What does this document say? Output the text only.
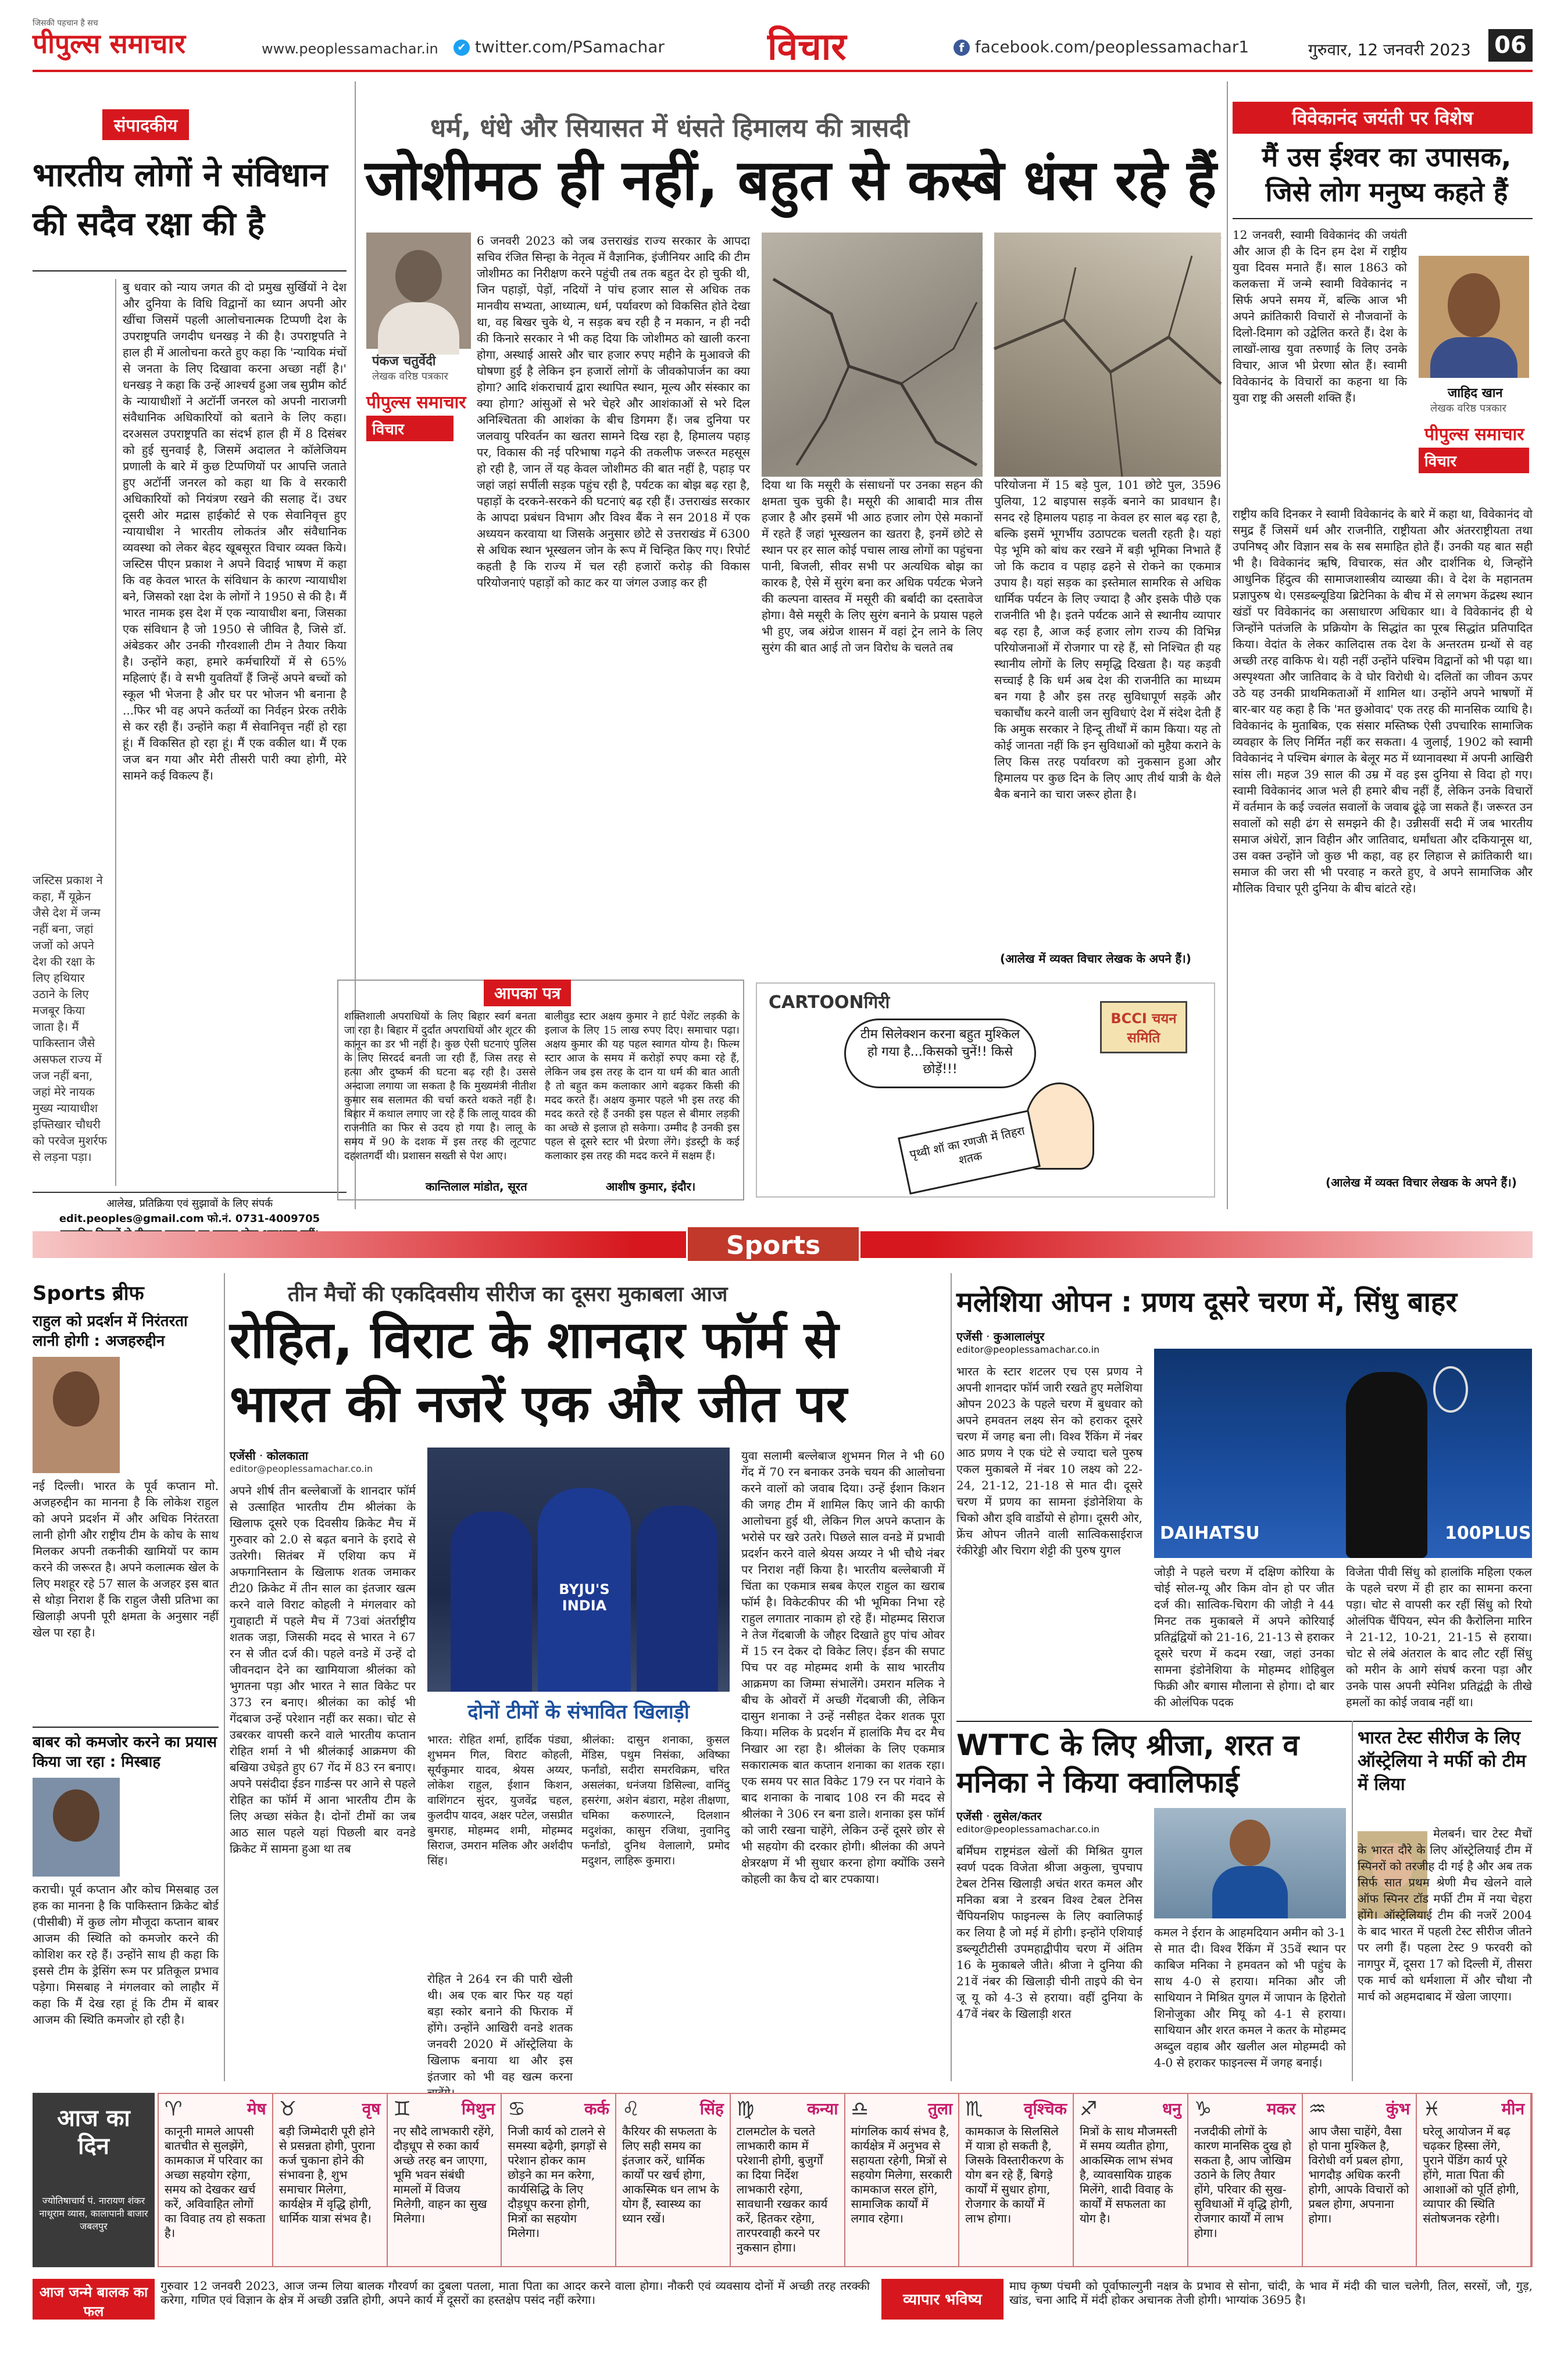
जिसकी पहचान है सच
पीपुल्स समाचार	www.peoplessamachar.in	✔ twitter.com/PSamachar	विचार	f facebook.com/peoplessamachar1	गुरुवार, 12 जनवरी 2023 06
संपादकीय
भारतीय लोगों ने संविधान की सदैव रक्षा की है
जस्टिस प्रकाश ने कहा, मैं यूक्रेन जैसे देश में जन्म नहीं बना, जहां जजों को अपने देश की रक्षा के लिए हथियार उठाने के लिए मजबूर किया जाता है। मैं पाकिस्तान जैसे असफल राज्य में जज नहीं बना, जहां मेरे नायक मुख्य न्यायाधीश इफ्तिखार चौधरी को परवेज मुशर्रफ से लड़ना पड़ा।
बु धवार को न्याय जगत की दो प्रमुख सुर्खियों ने देश और दुनिया के विधि विद्वानों का ध्यान अपनी ओर खींचा जिसमें पहली आलोचनात्मक टिप्पणी देश के उपराष्ट्रपति जगदीप धनखड़ ने की है। उपराष्ट्रपति ने हाल ही में आलोचना करते हुए कहा कि 'न्यायिक मंचों से जनता के लिए दिखावा करना अच्छा नहीं है।' धनखड़ ने कहा कि उन्हें आश्चर्य हुआ जब सुप्रीम कोर्ट के न्यायाधीशों ने अटॉर्नी जनरल को अपनी नाराजगी संवैधानिक अधिकारियों को बताने के लिए कहा। दरअसल उपराष्ट्रपति का संदर्भ हाल ही में 8 दिसंबर को हुई सुनवाई है, जिसमें अदालत ने कॉलेजियम प्रणाली के बारे में कुछ टिप्पणियों पर आपत्ति जताते हुए अटॉर्नी जनरल को कहा था कि वे सरकारी अधिकारियों को नियंत्रण रखने की सलाह दें। उधर दूसरी ओर मद्रास हाईकोर्ट से एक सेवानिवृत्त हुए न्यायाधीश ने भारतीय लोकतंत्र और संवैधानिक व्यवस्था को लेकर बेहद खूबसूरत विचार व्यक्त किये। जस्टिस पीएन प्रकाश ने अपने विदाई भाषण में कहा कि वह केवल भारत के संविधान के कारण न्यायाधीश बने, जिसको रक्षा देश के लोगों ने 1950 से की है। मैं भारत नामक इस देश में एक न्यायाधीश बना, जिसका एक संविधान है जो 1950 से जीवित है, जिसे डॉ. अंबेडकर और उनकी गौरवशाली टीम ने तैयार किया है। उन्होंने कहा, हमारे कर्मचारियों में से 65% महिलाएं हैं। वे सभी युवतियाँ हैं जिन्हें अपने बच्चों को स्कूल भी भेजना है और घर पर भोजन भी बनाना है ...फिर भी वह अपने कर्तव्यों का निर्वहन प्रेरक तरीके से कर रही हैं। उन्होंने कहा मैं सेवानिवृत्त नहीं हो रहा हूं। मैं विकसित हो रहा हूं। मैं एक वकील था। मैं एक जज बन गया और मेरी तीसरी पारी क्या होगी, मेरे सामने कई विकल्प हैं।
आलेख, प्रतिक्रिया एवं सुझावों के लिए संपर्क
edit.peoples@gmail.com फो.नं. 0731-4009705
धर्म, धंधे और सियासत में धंसते हिमालय की त्रासदी
जोशीमठ ही नहीं, बहुत से कस्बे धंस रहे हैं
पंकज चतुर्वेदी
लेखक वरिष्ठ पत्रकार
पीपुल्स समाचार
विचार
6 जनवरी 2023 को जब उत्तराखंड राज्य सरकार के आपदा सचिव रंजित सिन्हा के नेतृत्व में वैज्ञानिक, इंजीनियर आदि की टीम जोशीमठ का निरीक्षण करने पहुंची तब तक बहुत देर हो चुकी थी, जिन पहाड़ों, पेड़ों, नदियों ने पांच हजार साल से अधिक तक मानवीय सभ्यता, आध्यात्म, धर्म, पर्यावरण को विकसित होते देखा था, वह बिखर चुके थे, न सड़क बच रही है न मकान, न ही नदी की किनारे सरकार ने भी कह दिया कि जोशीमठ को खाली करना होगा, अस्थाई आसरे और चार हजार रुपए महीने के मुआवजे की घोषणा हुई है लेकिन इन हजारों लोगों के जीवकोपार्जन का क्या होगा? आदि शंकराचार्य द्वारा स्थापित स्थान, मूल्य और संस्कार का क्या होगा? आंसुओं से भरे चेहरे और आशंकाओं से भरे दिल अनिश्चितता की आशंका के बीच डिगमग हैं। जब दुनिया पर जलवायु परिवर्तन का खतरा सामने दिख रहा है, हिमालय पहाड़ पर, विकास की नई परिभाषा गढ़ने की तकलीफ जरूरत महसूस हो रही है, जान लें यह केवल जोशीमठ की बात नहीं है, पहाड़ पर जहां जहां सर्पीली सड़क पहुंच रही है, पर्यटक का बोझ बढ़ रहा है, पहाड़ों के दरकने-सरकने की घटनाएं बढ़ रही हैं। उत्तराखंड सरकार के आपदा प्रबंधन विभाग और विश्व बैंक ने सन 2018 में एक अध्ययन करवाया था जिसके अनुसार छोटे से उत्तराखंड में 6300 से अधिक स्थान भूस्खलन जोन के रूप में चिन्हित किए गए। रिपोर्ट कहती है कि राज्य में चल रही हजारों करोड़ की विकास परियोजनाएं पहाड़ों को काट कर या जंगल उजाड़ कर ही
दिया था कि मसूरी के संसाधनों पर उनका सहन की क्षमता चुक चुकी है। मसूरी की आबादी मात्र तीस हजार है और इसमें भी आठ हजार लोग ऐसे मकानों में रहते हैं जहां भूस्खलन का खतरा है, इनमें छोटे से स्थान पर हर साल कोई पचास लाख लोगों का पहुंचना पानी, बिजली, सीवर सभी पर अत्यधिक बोझ का कारक है, ऐसे में सुरंग बना कर अधिक पर्यटक भेजने की कल्पना वास्तव में मसूरी की बर्बादी का दस्तावेज होगा। वैसे मसूरी के लिए सुरंग बनाने के प्रयास पहले भी हुए, जब अंग्रेज शासन में वहां ट्रेन लाने के लिए सुरंग की बात आई तो जन विरोध के चलते तब
परियोजना में 15 बड़े पुल, 101 छोटे पुल, 3596 पुलिया, 12 बाइपास सड़कें बनाने का प्रावधान है। सनद रहे हिमालय पहाड़ ना केवल हर साल बढ़ रहा है, बल्कि इसमें भूगर्भीय उठापटक चलती रहती है। यहां पेड़ भूमि को बांध कर रखने में बड़ी भूमिका निभाते हैं जो कि कटाव व पहाड़ ढहने से रोकने का एकमात्र उपाय है। यहां सड़क का इस्तेमाल सामरिक से अधिक धार्मिक पर्यटन के लिए ज्यादा है और इसके पीछे एक राजनीति भी है। इतने पर्यटक आने से स्थानीय व्यापार बढ़ रहा है, आज कई हजार लोग राज्य की विभिन्न परियोजनाओं में रोजगार पा रहे हैं, सो निश्चित ही यह स्थानीय लोगों के लिए समृद्धि दिखता है। यह कड़वी सच्चाई है कि धर्म अब देश की राजनीति का माध्यम बन गया है और इस तरह सुविधापूर्ण सड़कें और चकाचौंध करने वाली जन सुविधाएं देश में संदेश देती हैं कि अमुक सरकार ने हिन्दू तीर्थों में काम किया। यह तो कोई जानता नहीं कि इन सुविधाओं को मुहैया कराने के लिए किस तरह पर्यावरण को नुकसान हुआ और हिमालय पर कुछ दिन के लिए आए तीर्थ यात्री के थैले बैक बनाने का चारा जरूर होता है।
(आलेख में व्यक्त विचार लेखक के अपने हैं।)
आपका पत्र
शक्तिशाली अपराधियों के लिए बिहार स्वर्ग बनता जा रहा है। बिहार में दुर्दांत अपराधियों और शूटर की कानून का डर भी नहीं है। कुछ ऐसी घटनाएं पुलिस के लिए सिरदर्द बनती जा रही हैं, जिस तरह से हत्या और दुष्कर्म की घटना बढ़ रही है। उससे अन्दाजा लगाया जा सकता है कि मुख्यमंत्री नीतीश कुमार सब सलामत की चर्चा करते थकते नहीं है। बिहार में कथाल लगाए जा रहे हैं कि लालू यादव की राजनीति का फिर से उदय हो गया है। लालू के समय में 90 के दशक में इस तरह की लूटपाट दहशतगर्दी थी। प्रशासन सख्ती से पेश आए।
कान्तिलाल मांडोत, सूरत
बालीवुड स्टार अक्षय कुमार ने हार्ट पेशेंट लड़की के इलाज के लिए 15 लाख रुपए दिए। समाचार पढ़ा। अक्षय कुमार की यह पहल स्वागत योग्य है। फिल्म स्टार आज के समय में करोड़ों रुपए कमा रहे हैं, लेकिन जब इस तरह के दान या धर्म की बात आती है तो बहुत कम कलाकार आगे बढ़कर किसी की मदद करते हैं। अक्षय कुमार पहले भी इस तरह की मदद करते रहे हैं उनकी इस पहल से बीमार लड़की का अच्छे से इलाज हो सकेगा। उम्मीद है उनकी इस पहल से दूसरे स्टार भी प्रेरणा लेंगे। इंडस्ट्री के कई कलाकार इस तरह की मदद करने में सक्षम हैं।
आशीष कुमार, इंदौर।
CARTOONगिरी
टीम सिलेक्शन करना बहुत मुश्किल हो गया है...किसको चुनें!! किसे छोड़ें!!!
BCCI चयन समिति
पृथ्वी शॉ का रणजी में तिहरा शतक
विवेकानंद जयंती पर विशेष
मैं उस ईश्वर का उपासक, जिसे लोग मनुष्य कहते हैं
12 जनवरी, स्वामी विवेकानंद की जयंती और आज ही के दिन हम देश में राष्ट्रीय युवा दिवस मनाते हैं। साल 1863 को कलकत्ता में जन्मे स्वामी विवेकानंद न सिर्फ अपने समय में, बल्कि आज भी अपने क्रांतिकारी विचारों से नौजवानों के दिलो-दिमाग को उद्वेलित करते हैं। देश के लाखों-लाख युवा तरुणाई के लिए उनके विचार, आज भी प्रेरणा स्रोत हैं। स्वामी विवेकानंद के विचारों का कहना था कि युवा राष्ट्र की असली शक्ति हैं।	जाहिद खान
लेखक वरिष्ठ पत्रकार
पीपुल्स समाचार
विचार
राष्ट्रीय कवि दिनकर ने स्वामी विवेकानंद के बारे में कहा था, विवेकानंद वो समुद्र हैं जिसमें धर्म और राजनीति, राष्ट्रीयता और अंतरराष्ट्रीयता तथा उपनिषद् और विज्ञान सब के सब समाहित होते हैं। उनकी यह बात सही भी है। विवेकानंद ऋषि, विचारक, संत और दार्शनिक थे, जिन्होंने आधुनिक हिंदुत्व की सामाजशास्त्रीय व्याख्या की। वे देश के महानतम प्रज्ञापुरुष थे। एसडब्ल्यूडिया ब्रिटेनिका के बीच में से लगभग केंद्रस्थ स्थान खंडों पर विवेकानंद का असाधारण अधिकार था। वे विवेकानंद ही थे जिन्होंने पतंजलि के प्रक्रियोग के सिद्धांत का पूरब सिद्धांत प्रतिपादित किया। वेदांत के लेकर कालिदास तक देश के अन्तरतम ग्रन्थों से वह अच्छी तरह वाकिफ थे। यही नहीं उन्होंने पश्चिम विद्वानों को भी पढ़ा था। अस्पृश्यता और जातिवाद के वे घोर विरोधी थे। दलितों का जीवन ऊपर उठे यह उनकी प्राथमिकताओं में शामिल था। उन्होंने अपने भाषणों में बार-बार यह कहा है कि 'मत छुओवाद' एक तरह की मानसिक व्याधि है। विवेकानंद के मुताबिक, एक संसार मस्तिष्क ऐसी उपचारिक सामाजिक व्यवहार के लिए निर्मित नहीं कर सकता। 4 जुलाई, 1902 को स्वामी विवेकानंद ने पश्चिम बंगाल के बेलूर मठ में ध्यानावस्था में अपनी आखिरी सांस ली। महज 39 साल की उम्र में वह इस दुनिया से विदा हो गए। स्वामी विवेकानंद आज भले ही हमारे बीच नहीं हैं, लेकिन उनके विचारों में वर्तमान के कई ज्वलंत सवालों के जवाब ढूंढ़े जा सकते हैं। जरूरत उन सवालों को सही ढंग से समझने की है। उन्नीसवीं सदी में जब भारतीय समाज अंधेरों, ज्ञान विहीन और जातिवाद, धर्मांधता और दकियानूस था, उस वक्त उन्होंने जो कुछ भी कहा, वह हर लिहाज से क्रांतिकारी था। समाज की जरा सी भी परवाह न करते हुए, वे अपने सामाजिक और मौलिक विचार पूरी दुनिया के बीच बांटते रहे।
(आलेख में व्यक्त विचार लेखक के अपने हैं।)
Sports
Sports ब्रीफ
राहुल को प्रदर्शन में निरंतरता लानी होगी : अजहरुद्दीन
नई दिल्ली। भारत के पूर्व कप्तान मो. अजहरुद्दीन का मानना है कि लोकेश राहुल को अपने प्रदर्शन में और अधिक निरंतरता लानी होगी और राष्ट्रीय टीम के कोच के साथ मिलकर अपनी तकनीकी खामियों पर काम करने की जरूरत है। अपने कलात्मक खेल के लिए मशहूर रहे 57 साल के अजहर इस बात से थोड़ा निराश हैं कि राहुल जैसी प्रतिभा का खिलाड़ी अपनी पूरी क्षमता के अनुसार नहीं खेल पा रहा है।
बाबर को कमजोर करने का प्रयास किया जा रहा : मिस्बाह
कराची। पूर्व कप्तान और कोच मिसबाह उल हक का मानना है कि पाकिस्तान क्रिकेट बोर्ड (पीसीबी) में कुछ लोग मौजूदा कप्तान बाबर आजम की स्थिति को कमजोर करने की कोशिश कर रहे हैं। उन्होंने साथ ही कहा कि इससे टीम के ड्रेसिंग रूम पर प्रतिकूल प्रभाव पड़ेगा। मिसबाह ने मंगलवार को लाहौर में कहा कि मैं देख रहा हूं कि टीम में बाबर आजम की स्थिति कमजोर हो रही है।
तीन मैचों की एकदिवसीय सीरीज का दूसरा मुकाबला आज
रोहित, विराट के शानदार फॉर्म से भारत की नजरें एक और जीत पर
एजेंसी · कोलकाता
editor@peoplessamachar.co.in
अपने शीर्ष तीन बल्लेबाजों के शानदार फॉर्म से उत्साहित भारतीय टीम श्रीलंका के खिलाफ दूसरे एक दिवसीय क्रिकेट मैच में गुरुवार को 2.0 से बढ़त बनाने के इरादे से उतरेगी। सितंबर में एशिया कप में अफगानिस्तान के खिलाफ शतक जमाकर टी20 क्रिकेट में तीन साल का इंतजार खत्म करने वाले विराट कोहली ने मंगलवार को गुवाहाटी में पहले मैच में 73वां अंतर्राष्ट्रीय शतक जड़ा, जिसकी मदद से भारत ने 67 रन से जीत दर्ज की। पहले वनडे में उन्हें दो जीवनदान देने का खामियाजा श्रीलंका को भुगतना पड़ा और भारत ने सात विकेट पर 373 रन बनाए। श्रीलंका का कोई भी गेंदबाज उन्हें परेशान नहीं कर सका। चोट से उबरकर वापसी करने वाले भारतीय कप्तान रोहित शर्मा ने भी श्रीलंकाई आक्रमण की बखिया उधेड़ते हुए 67 गेंद में 83 रन बनाए। अपने पसंदीदा ईडन गार्डन्स पर आने से पहले रोहित का फॉर्म में आना भारतीय टीम के लिए अच्छा संकेत है। दोनों टीमों का जब आठ साल पहले यहां पिछली बार वनडे क्रिकेट में सामना हुआ था तब
BYJU'S INDIA
दोनों टीमों के संभावित खिलाड़ी
भारत: रोहित शर्मा, हार्दिक पंड्या, शुभमन गिल, विराट कोहली, सूर्यकुमार यादव, श्रेयस अय्यर, लोकेश राहुल, ईशान किशन, वाशिंगटन सुंदर, युजवेंद्र चहल, कुलदीप यादव, अक्षर पटेल, जसप्रीत बुमराह, मोहम्मद शमी, मोहम्मद सिराज, उमरान मलिक और अर्शदीप सिंह।
श्रीलंका: दासुन शनाका, कुसल मेंडिस, पथुम निसंका, अविष्का फर्नांडो, सदीरा समरविक्रम, चरित असलंका, धनंजया डिसिल्वा, वानिंदु हसरंगा, अशेन बंडारा, महेश तीक्षणा, चमिका करुणारत्ने, दिलशान मदुशंका, कासुन रजिथा, नुवानिदु फर्नांडो, दुनिथ वेलालागे, प्रमोद मदुशन, लाहिरू कुमारा।
रोहित ने 264 रन की पारी खेली थी। अब एक बार फिर यह यहां बड़ा स्कोर बनाने की फिराक में होंगे। उन्होंने आखिरी वनडे शतक जनवरी 2020 में ऑस्ट्रेलिया के खिलाफ बनाया था और इस इंतजार को भी वह खत्म करना
युवा सलामी बल्लेबाज शुभमन गिल ने भी 60 गेंद में 70 रन बनाकर उनके चयन की आलोचना करने वालों को जवाब दिया। उन्हें ईशान किशन की जगह टीम में शामिल किए जाने की काफी आलोचना हुई थी, लेकिन गिल अपने कप्तान के भरोसे पर खरे उतरे। पिछले साल वनडे में प्रभावी प्रदर्शन करने वाले श्रेयस अय्यर ने भी चौथे नंबर पर निराश नहीं किया है। भारतीय बल्लेबाजी में चिंता का एकमात्र सबब केएल राहुल का खराब फॉर्म है। विकेटकीपर की भी भूमिका निभा रहे राहुल लगातार नाकाम हो रहे हैं। मोहम्मद सिराज ने तेज गेंदबाजी के जौहर दिखाते हुए पांच ओवर में 15 रन देकर दो विकेट लिए। ईडन की सपाट पिच पर वह मोहम्मद शमी के साथ भारतीय आक्रमण का जिम्मा संभालेंगे। उमरान मलिक ने बीच के ओवरों में अच्छी गेंदबाजी की, लेकिन दासुन शनाका ने उन्हें नसीहत देकर शतक पूरा किया। मलिक के प्रदर्शन में हालांकि मैच दर मैच निखार आ रहा है। श्रीलंका के लिए एकमात्र सकारात्मक बात कप्तान शनाका का शतक रहा। एक समय पर सात विकेट 179 रन पर गंवाने के बाद शनाका के नाबाद 108 रन की मदद से श्रीलंका ने 306 रन बना डाले। शनाका इस फॉर्म को जारी रखना चाहेंगे, लेकिन उन्हें दूसरे छोर से भी सहयोग की दरकार होगी। श्रीलंका की अपने क्षेत्ररक्षण में भी सुधार करना होगा क्योंकि उसने कोहली का कैच दो बार टपकाया।
मलेशिया ओपन : प्रणय दूसरे चरण में, सिंधु बाहर
एजेंसी · कुआलालंपुर
editor@peoplessamachar.co.in
भारत के स्टार शटलर एच एस प्रणय ने अपनी शानदार फॉर्म जारी रखते हुए मलेशिया ओपन 2023 के पहले चरण में बुधवार को अपने हमवतन लक्ष्य सेन को हराकर दूसरे चरण में जगह बना ली। विश्व रैंकिंग में नंबर आठ प्रणय ने एक घंटे से ज्यादा चले पुरुष एकल मुकाबले में नंबर 10 लक्ष्य को 22-24, 21-12, 21-18 से मात दी। दूसरे चरण में प्रणय का सामना इंडोनेशिया के चिको औरा ड्वि वार्डोयो से होगा। दूसरी ओर, फ्रेंच ओपन जीतने वाली सात्विकसाईराज रंकीरेड्डी और चिराग शेट्टी की पुरुष युगल
DAIHATSU	100PLUS
जोड़ी ने पहले चरण में दक्षिण कोरिया के चोई सोल-ग्यू और किम वोन हो पर जीत दर्ज की। सात्विक-चिराग की जोड़ी ने 44 मिनट तक मुकाबले में अपने कोरियाई प्रतिद्वंद्वियों को 21-16, 21-13 से हराकर दूसरे चरण में कदम रखा, जहां उनका सामना इंडोनेशिया के मोहम्मद शोहिबुल फिक्री और बगास मौलाना से होगा। दो बार की ओलंपिक पदक
विजेता पीवी सिंधु को हालांकि महिला एकल के पहले चरण में ही हार का सामना करना पड़ा। चोट से वापसी कर रहीं सिंधु को रियो ओलंपिक चैंपियन, स्पेन की कैरोलिना मारिन ने 21-12, 10-21, 21-15 से हराया। चोट से लंबे अंतराल के बाद लौट रहीं सिंधु को मरीन के आगे संघर्ष करना पड़ा और उनके पास अपनी स्पेनिश प्रतिद्वंद्वी के तीखे हमलों का कोई जवाब नहीं था।
WTTC के लिए श्रीजा, शरत व मनिका ने किया क्वालिफाई
एजेंसी · लुसेल/कतर
editor@peoplessamachar.co.in
बर्मिंघम राष्ट्रमंडल खेलों की मिश्रित युगल स्वर्ण पदक विजेता श्रीजा अकुला, चुपचाप टेबल टेनिस खिलाड़ी अचंत शरत कमल और मनिका बत्रा ने डरबन विश्व टेबल टेनिस चैंपियनशिप फाइनल्स के लिए क्वालिफाई कर लिया है जो मई में होगी। इन्होंने एशियाई डब्ल्यूटीटीसी उपमहाद्वीपीय चरण में अंतिम 16 के मुकाबले जीते। श्रीजा ने दुनिया की 21वें नंबर की खिलाड़ी चीनी ताइपे की चेन जू यू को 4-3 से हराया। वहीं दुनिया के 47वें नंबर के खिलाड़ी शरत
कमल ने ईरान के आहमदियान अमीन को 3-1 से मात दी। विश्व रैंकिंग में 35वें स्थान पर काबिज मनिका ने हमवतन को भी पहुंच के साथ 4-0 से हराया। मनिका और जी साथियान ने मिश्रित युगल में जापान के हिरोतो शिनोजुका और मियू को 4-1 से हराया। साथियान और शरत कमल ने कतर के मोहम्मद अब्दुल वहाब और खलील अल मोहम्मदी को 4-0 से हराकर फाइनल्स में जगह बनाई।
भारत टेस्ट सीरीज के लिए ऑस्ट्रेलिया ने मर्फी को टीम में लिया
मेलबर्न। चार टेस्ट मैचों के भारत दौरे के लिए ऑस्ट्रेलियाई टीम में स्पिनरों को तरजीह दी गई है और अब तक सिर्फ सात प्रथम श्रेणी मैच खेलने वाले ऑफ स्पिनर टॉड मर्फी टीम में नया चेहरा होंगे। ऑस्ट्रेलियाई टीम की नजरें 2004 के बाद भारत में पहली टेस्ट सीरीज जीतने पर लगी हैं। पहला टेस्ट 9 फरवरी को नागपुर में, दूसरा 17 को दिल्ली में, तीसरा एक मार्च को धर्मशाला में और चौथा नौ मार्च को अहमदाबाद में खेला जाएगा।
आज का दिन
ज्योतिषाचार्य पं. नारायण शंकर नाथूराम व्यास, कालापानी बाजार जबलपुर
♈	मेष
कानूनी मामले आपसी बातचीत से सुलझेंगे, कामकाज में परिवार का अच्छा सहयोग रहेगा, समय को देखकर खर्च करें, अविवाहित लोगों का विवाह तय हो सकता है।
♉	वृष
बड़ी जिम्मेदारी पूरी होने से प्रसन्नता होगी, पुराना कर्ज चुकाना होने की संभावना है, शुभ समाचार मिलेगा, कार्यक्षेत्र में वृद्धि होगी, धार्मिक यात्रा संभव है।
♊	मिथुन
नए सौदे लाभकारी रहेंगे, दौड़धूप से रुका कार्य अच्छे तरह बन जाएगा, भूमि भवन संबंधी मामलों में विजय मिलेगी, वाहन का सुख मिलेगा।
♋	कर्क
निजी कार्य को टालने से समस्या बढ़ेगी, झगड़ों से परेशान होकर काम छोड़ने का मन करेगा, कार्यसिद्धि के लिए दौड़धूप करना होगी, मित्रों का सहयोग मिलेगा।
♌	सिंह
कैरियर की सफलता के लिए सही समय का इंतजार करें, धार्मिक कार्यों पर खर्च होगा, आकस्मिक धन लाभ के योग हैं, स्वास्थ्य का ध्यान रखें।
♍	कन्या
टालमटोल के चलते लाभकारी काम में परेशानी होगी, बुजुर्गों का दिया निर्देश लाभकारी रहेगा, सावधानी रखकर कार्य करें, हितकर रहेगा, तारपरवाही करने पर नुकसान होगा।
♎	तुला
मांगलिक कार्य संभव है, कार्यक्षेत्र में अनुभव से सहायता रहेगी, मित्रों से सहयोग मिलेगा, सरकारी कामकाज सरल होंगे, सामाजिक कार्यों में लगाव रहेगा।
♏	वृश्चिक
कामकाज के सिलसिले में यात्रा हो सकती है, जिसके विस्तारीकरण के योग बन रहे हैं, बिगड़े कार्यों में सुधार होगा, रोजगार के कार्यों में लाभ होगा।
♐	धनु
मित्रों के साथ मौजमस्ती में समय व्यतीत होगा, आकस्मिक लाभ संभव है, व्यावसायिक ग्राहक मिलेंगे, शादी विवाह के कार्यों में सफलता का योग है।
♑	मकर
नजदीकी लोगों के कारण मानसिक दुख हो सकता है, आप जोखिम उठाने के लिए तैयार होंगे, परिवार की सुख-सुविधाओं में वृद्धि होगी, रोजगार कार्यों में लाभ होगा।
♒	कुंभ
आप जैसा चाहेंगे, वैसा हो पाना मुश्किल है, विरोधी वर्ग प्रबल होगा, भागदौड़ अधिक करनी होगी, आपके विचारों को प्रबल होगा, अपनाना होगा।
♓	मीन
घरेलू आयोजन में बढ़ चढ़कर हिस्सा लेंगे, पुराने पेंडिंग कार्य पूरे होंगे, माता पिता की आशाओं को पूर्ति होगी, व्यापार की स्थिति संतोषजनक रहेगी।
आज जन्मे बालक का फल
गुरुवार 12 जनवरी 2023, आज जन्म लिया बालक गौरवर्ण का दुबला पतला, माता पिता का आदर करने वाला होगा। नौकरी एवं व्यवसाय दोनों में अच्छी तरह तरक्की करेगा, गणित एवं विज्ञान के क्षेत्र में अच्छी उन्नति होगी, अपने कार्य में दूसरों का हस्तक्षेप पसंद नहीं करेगा।	व्यापार भविष्य
माघ कृष्ण पंचमी को पूर्वाफाल्गुनी नक्षत्र के प्रभाव से सोना, चांदी, के भाव में मंदी की चाल चलेगी, तिल, सरसों, जौ, गुड़, खांड, चना आदि में मंदी होकर अचानक तेजी होगी। भाग्यांक 3695 है।
